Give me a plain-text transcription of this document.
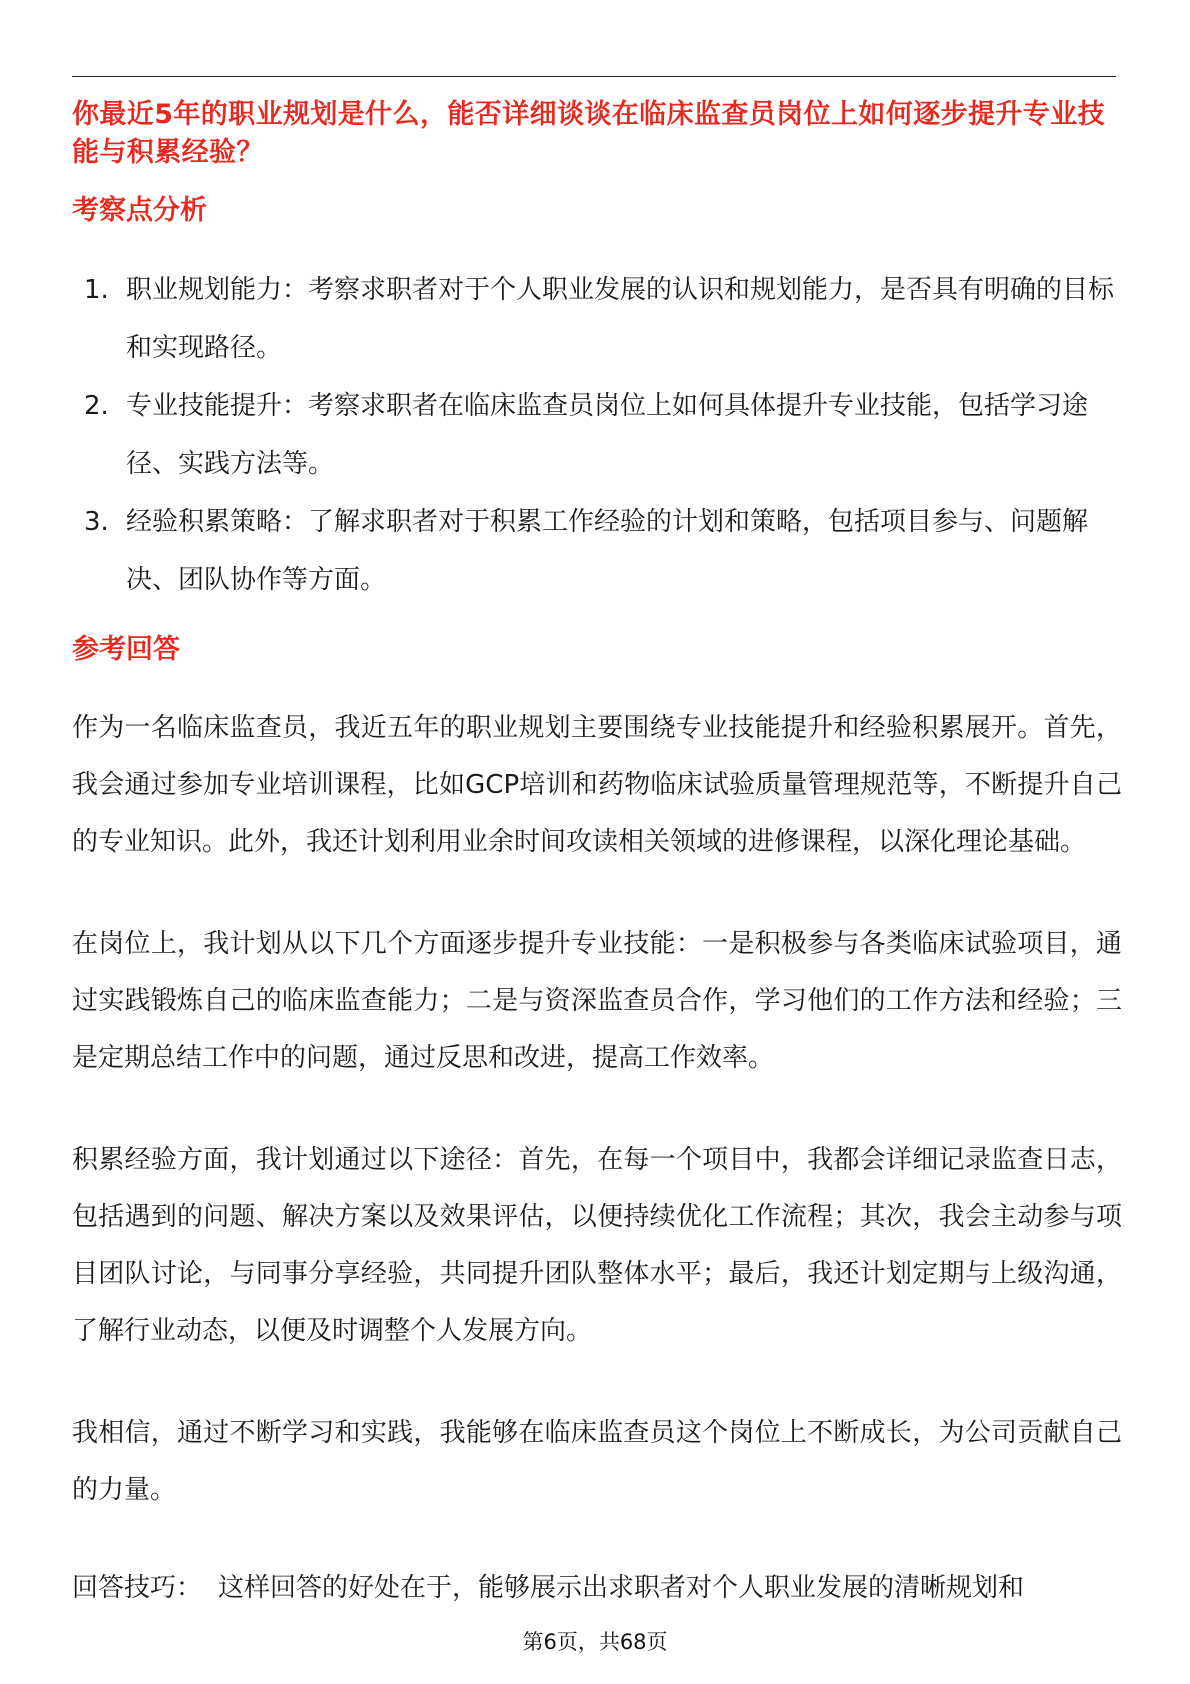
你最近5年的职业规划是什么，能否详细谈谈在临床监查员岗位上如何逐步提升专业技能与积累经验？
考察点分析
1. 职业规划能力：考察求职者对于个人职业发展的认识和规划能力，是否具有明确的目标和实现路径。
2. 专业技能提升：考察求职者在临床监查员岗位上如何具体提升专业技能，包括学习途径、实践方法等。
3. 经验积累策略：了解求职者对于积累工作经验的计划和策略，包括项目参与、问题解决、团队协作等方面。
参考回答

作为一名临床监查员，我近五年的职业规划主要围绕专业技能提升和经验积累展开。首先，我会通过参加专业培训课程，比如GCP培训和药物临床试验质量管理规范等，不断提升自己的专业知识。此外，我还计划利用业余时间攻读相关领域的进修课程，以深化理论基础。

在岗位上，我计划从以下几个方面逐步提升专业技能：一是积极参与各类临床试验项目，通过实践锻炼自己的临床监查能力；二是与资深监查员合作，学习他们的工作方法和经验；三是定期总结工作中的问题，通过反思和改进，提高工作效率。

积累经验方面，我计划通过以下途径：首先，在每一个项目中，我都会详细记录监查日志，包括遇到的问题、解决方案以及效果评估，以便持续优化工作流程；其次，我会主动参与项目团队讨论，与同事分享经验，共同提升团队整体水平；最后，我还计划定期与上级沟通，了解行业动态，以便及时调整个人发展方向。

我相信，通过不断学习和实践，我能够在临床监查员这个岗位上不断成长，为公司贡献自己的力量。

回答技巧： 这样回答的好处在于，能够展示出求职者对个人职业发展的清晰规划和
第6页，共68页
